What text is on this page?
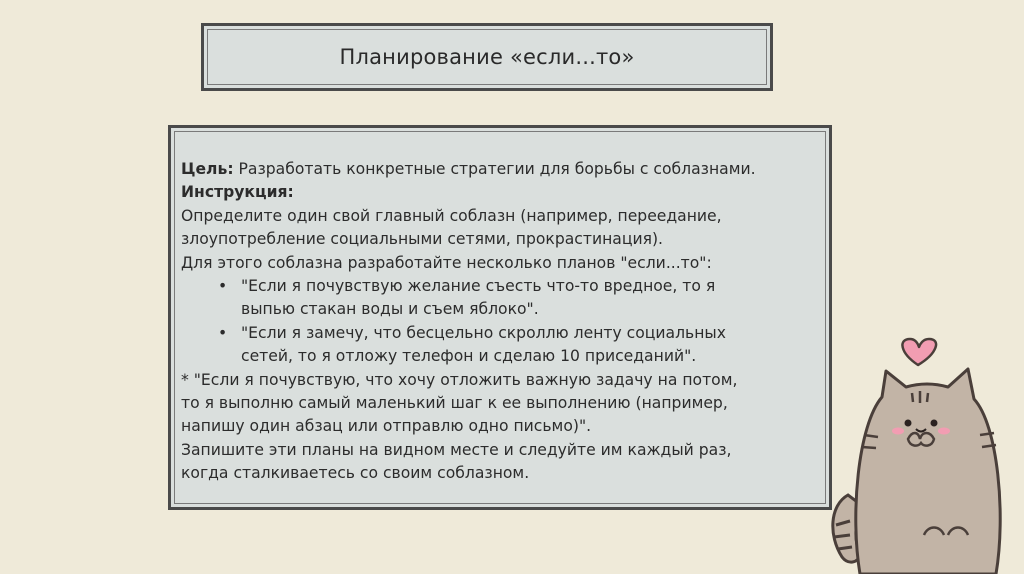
Планирование «если...то»
Цель: Разработать конкретные стратегии для борьбы с соблазнами.
Инструкция:
Определите один свой главный соблазн (например, переедание,
злоупотребление социальными сетями, прокрастинация).
Для этого соблазна разработайте несколько планов "если...то":
• "Если я почувствую желание съесть что-то вредное, то я
выпью стакан воды и съем яблоко".
• "Если я замечу, что бесцельно скроллю ленту социальных
сетей, то я отложу телефон и сделаю 10 приседаний".
* "Если я почувствую, что хочу отложить важную задачу на потом,
то я выполню самый маленький шаг к ее выполнению (например,
напишу один абзац или отправлю одно письмо)".
Запишите эти планы на видном месте и следуйте им каждый раз,
когда сталкиваетесь со своим соблазном.
